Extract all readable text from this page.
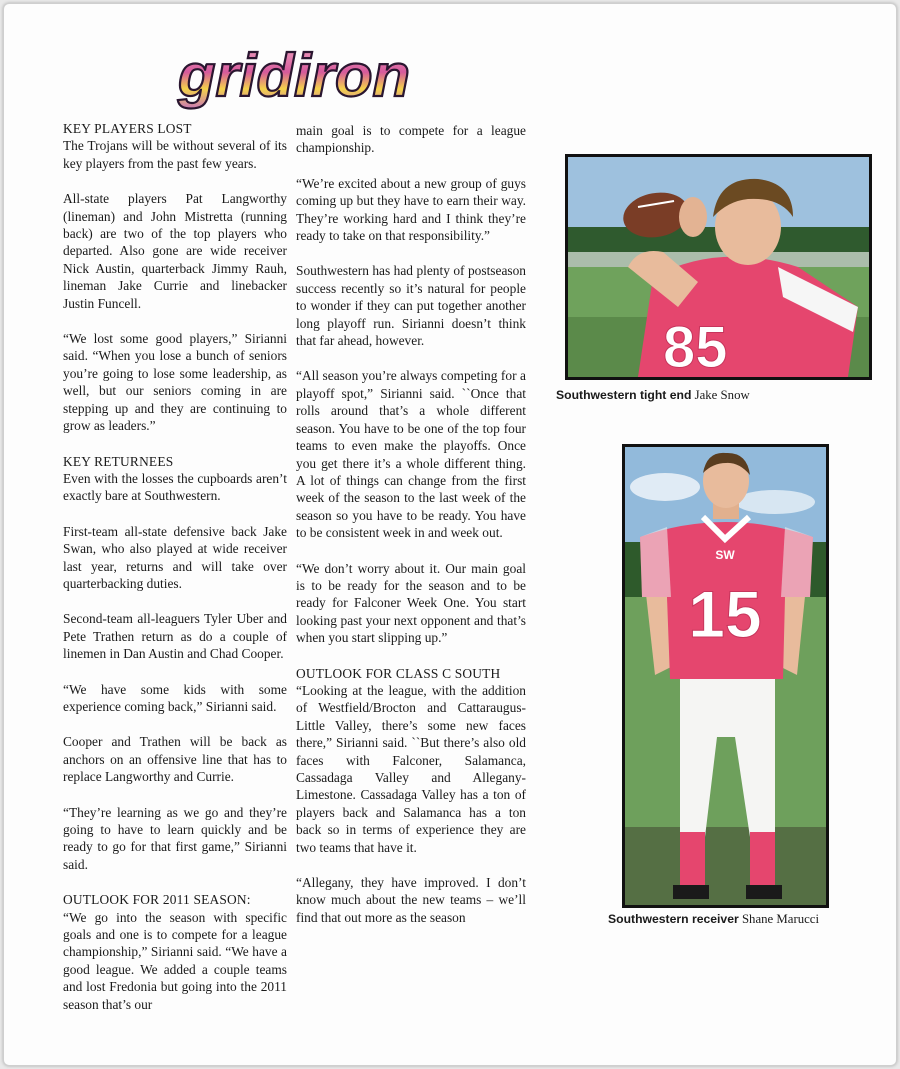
gridiron
KEY PLAYERS LOST

The Trojans will be without several of its key players from the past few years.

All-state players Pat Langworthy (lineman) and John Mistretta (running back) are two of the top players who departed. Also gone are wide receiver Nick Austin, quarterback Jimmy Rauh, lineman Jake Currie and linebacker Justin Funcell.

“We lost some good players,” Sirianni said. “When you lose a bunch of seniors you’re going to lose some leadership, as well, but our seniors coming in are stepping up and they are continuing to grow as leaders.”

KEY RETURNEES

Even with the losses the cupboards aren’t exactly bare at Southwestern.

First-team all-state defensive back Jake Swan, who also played at wide receiver last year, returns and will take over quarterbacking duties.

Second-team all-leaguers Tyler Uber and Pete Trathen return as do a couple of linemen in Dan Austin and Chad Cooper.

“We have some kids with some experience coming back,” Sirianni said.

Cooper and Trathen will be back as anchors on an offensive line that has to replace Langworthy and Currie.

“They’re learning as we go and they’re going to have to learn quickly and be ready to go for that first game,” Sirianni said.

OUTLOOK FOR 2011 SEASON:

“We go into the season with specific goals and one is to compete for a league championship,” Sirianni said. “We have a good league. We added a couple teams and lost Fredonia but going into the 2011 season that’s our

main goal is to compete for a league championship.

“We’re excited about a new group of guys coming up but they have to earn their way. They’re working hard and I think they’re ready to take on that responsibility.”

Southwestern has had plenty of postseason success recently so it’s natural for people to wonder if they can put together another long playoff run. Sirianni doesn’t think that far ahead, however.

“All season you’re always competing for a playoff spot,” Sirianni said. ``Once that rolls around that’s a whole different season. You have to be one of the top four teams to even make the playoffs. Once you get there it’s a whole different thing. A lot of things can change from the first week of the season to the last week of the season so you have to be ready. You have to be consistent week in and week out.

“We don’t worry about it. Our main goal is to be ready for the season and to be ready for Falconer Week One. You start looking past your next opponent and that’s when you start slipping up.”

OUTLOOK FOR CLASS C SOUTH

“Looking at the league, with the addition of Westfield/Brocton and Cattaraugus-Little Valley, there’s some new faces there,” Sirianni said. ``But there’s also old faces with Falconer, Salamanca, Cassadaga Valley and Allegany-Limestone. Cassadaga Valley has a ton of players back and Salamanca has a ton back so in terms of experience they are two teams that have it.

“Allegany, they have improved. I don’t know much about the new teams – we’ll find that out more as the season

85
Southwestern tight end Jake Snow
SW
15
Southwestern receiver Shane Marucci
